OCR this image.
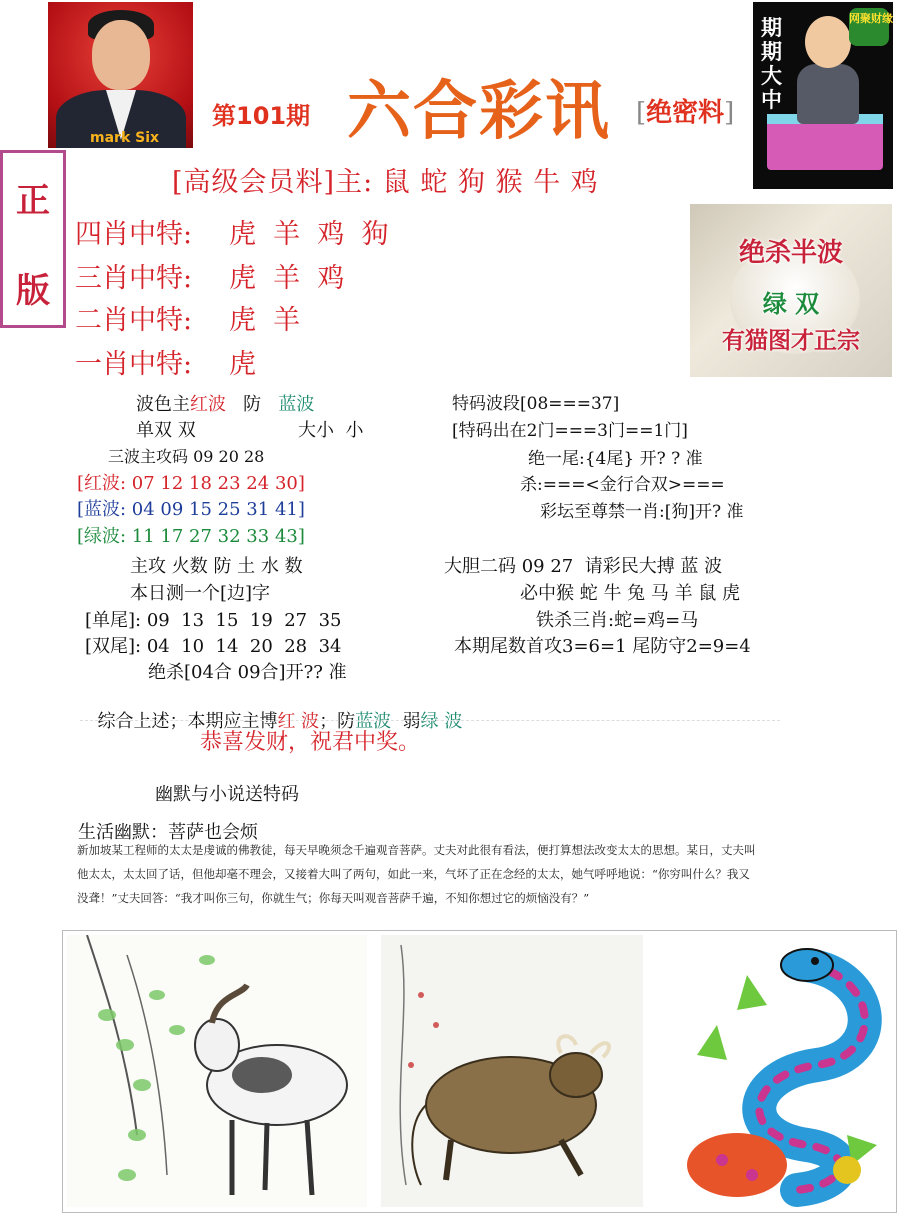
mark Six
第101期 六合彩讯 [绝密料]
期期大中
网聚财缘
正
版
[高级会员料]主: 鼠 蛇 狗 猴 牛 鸡
四肖中特: 虎  羊  鸡  狗
三肖中特: 虎  羊  鸡
二肖中特: 虎  羊
一肖中特: 虎
绝杀半波
绿 双
有猫图才正宗
波色主红波 防 蓝波
单双 双	大小  小
三波主攻码 09 20 28
[红波: 07 12 18 23 24 30]
[蓝波: 04 09 15 25 31 41]
[绿波: 11 17 27 32 33 43]
主攻 火数 防 土 水 数
本日测一个[边]字
[单尾]: 09  13  15  19  27  35
[双尾]: 04  10  14  20  28  34
绝杀[04合 09合]开?? 准

综合上述；本期应主博红 波；防蓝波  弱绿 波

特码波段[08===37]
[特码出在2门===3门==1门]
绝一尾:{4尾} 开? ? 准
杀:===<金行合双>===
彩坛至尊禁一肖:[狗]开? 准
大胆二码 09 27  请彩民大搏 蓝 波
必中猴 蛇 牛 兔 马 羊 鼠 虎
铁杀三肖:蛇=鸡=马
本期尾数首攻3=6=1 尾防守2=9=4
恭喜发财，祝君中奖。
幽默与小说送特码
生活幽默：菩萨也会烦
新加坡某工程师的太太是虔诚的佛教徒，每天早晚须念千遍观音菩萨。丈夫对此很有看法，便打算想法改变太太的思想。某日，丈夫叫
他太太，太太回了话，但他却毫不理会，又接着大叫了两句，如此一来，气坏了正在念经的太太，她气呼呼地说：“你穷叫什么？我又
没聋！”丈夫回答：“我才叫你三句，你就生气；你每天叫观音菩萨千遍，不知你想过它的烦恼没有？”
